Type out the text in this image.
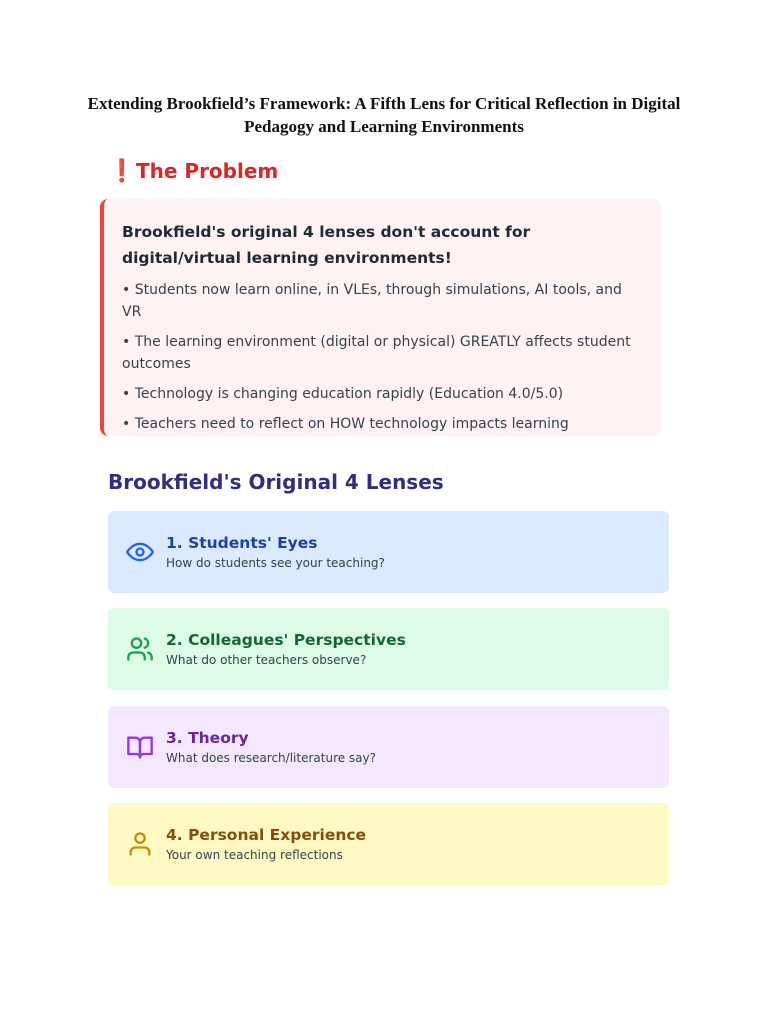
Extending Brookfield’s Framework: A Fifth Lens for Critical Reflection in Digital Pedagogy and Learning Environments
❗ The Problem

Brookfield's original 4 lenses don't account for digital/virtual learning environments!

• Students now learn online, in VLEs, through simulations, AI tools, and VR

• The learning environment (digital or physical) GREATLY affects student outcomes

• Technology is changing education rapidly (Education 4.0/5.0)

• Teachers need to reflect on HOW technology impacts learning

Brookfield's Original 4 Lenses
1. Students' Eyes
How do students see your teaching?
2. Colleagues' Perspectives
What do other teachers observe?
3. Theory
What does research/literature say?
4. Personal Experience
Your own teaching reflections
